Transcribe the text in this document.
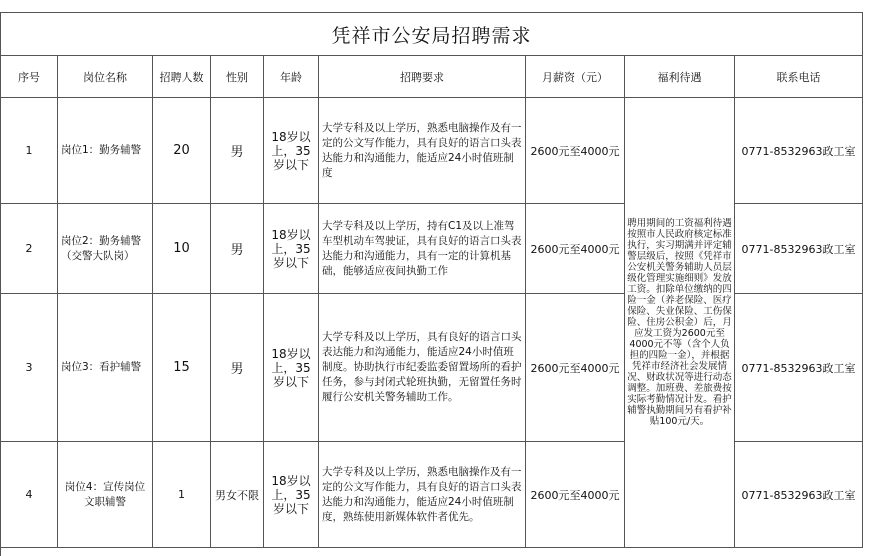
凭祥市公安局招聘需求								
序号	岗位名称	招聘人数	性别	年龄	招聘要求	月薪资（元）	福利待遇	联系电话
1	岗位1：勤务辅警	20	男	18岁以上，35岁以下	大学专科及以上学历，熟悉电脑操作及有一定的公文写作能力，具有良好的语言口头表达能力和沟通能力，能适应24小时值班制度	2600元至4000元	聘用期间的工资福利待遇按照市人民政府核定标准执行，实习期满并评定辅警层级后，按照《凭祥市公安机关警务辅助人员层级化管理实施细则》发放工资。扣除单位缴纳的四险一金（养老保险、医疗保险、失业保险、工伤保险、住房公积金）后，月应发工资为2600元至4000元不等（含个人负担的四险一金），并根据凭祥市经济社会发展情况、财政状况等进行动态调整。加班费、差旅费按实际考勤情况计发。看护辅警执勤期间另有看护补贴100元/天。	0771-8532963政工室
2	岗位2：勤务辅警（交警大队岗）	10	男	18岁以上，35岁以下	大学专科及以上学历，持有C1及以上准驾车型机动车驾驶证，具有良好的语言口头表达能力和沟通能力，具有一定的计算机基础，能够适应夜间执勤工作	2600元至4000元		0771-8532963政工室
3	岗位3：看护辅警	15	男	18岁以上，35岁以下	大学专科及以上学历，具有良好的语言口头表达能力和沟通能力，能适应24小时值班制度。协助执行市纪委监委留置场所的看护任务，参与封闭式轮班执勤，无留置任务时履行公安机关警务辅助工作。	2600元至4000元		0771-8532963政工室
4	岗位4：宣传岗位文职辅警	1	男女不限	18岁以上，35岁以下	大学专科及以上学历，熟悉电脑操作及有一定的公文写作能力，具有良好的语言口头表达能力和沟通能力，能适应24小时值班制度，熟练使用新媒体软件者优先。	2600元至4000元		0771-8532963政工室
